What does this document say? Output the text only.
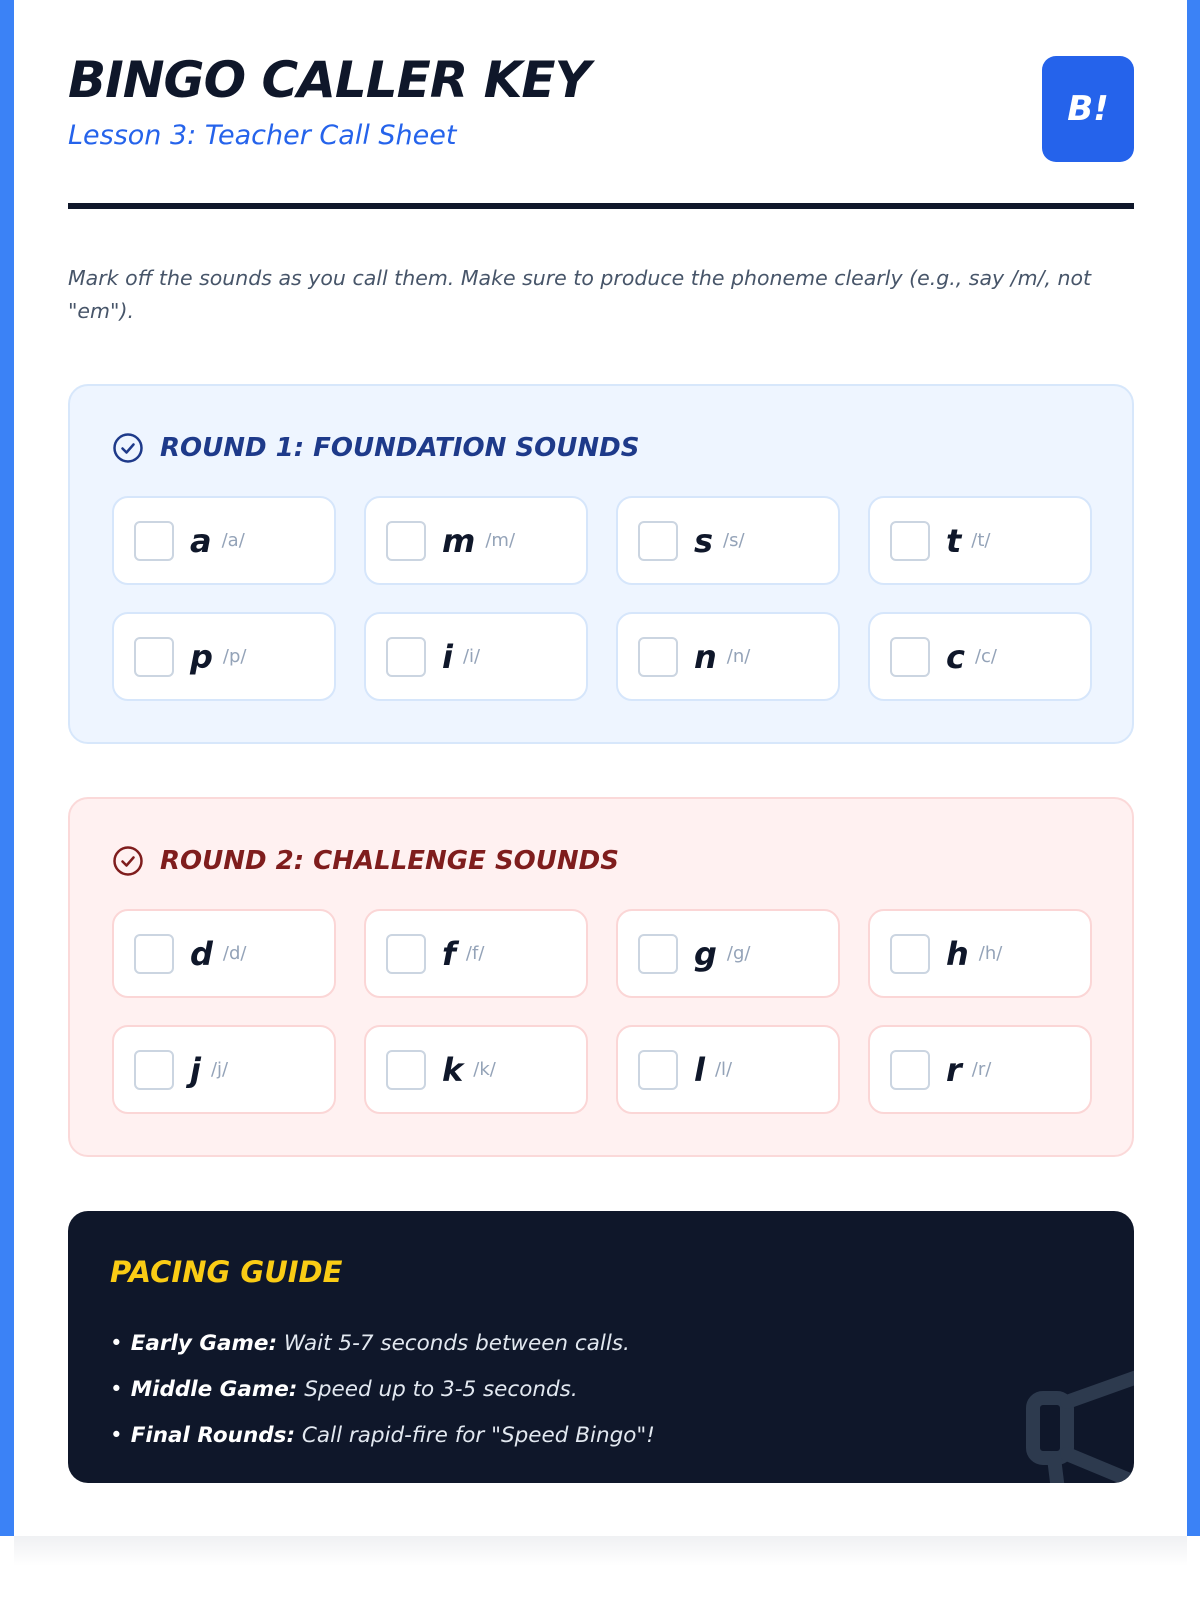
BINGO CALLER KEY

Lesson 3: Teacher Call Sheet

B!

Mark off the sounds as you call them. Make sure to produce the phoneme clearly (e.g., say /m/, not "em").

ROUND 1: FOUNDATION SOUNDS
a /a/	m /m/	s /s/	t /t/
p /p/	i /i/	n /n/	c /c/
ROUND 2: CHALLENGE SOUNDS
d /d/	f /f/	g /g/	h /h/
j /j/	k /k/	l /l/	r /r/
PACING GUIDE
• Early Game: Wait 5-7 seconds between calls.
• Middle Game: Speed up to 3-5 seconds.
• Final Rounds: Call rapid-fire for "Speed Bingo"!
